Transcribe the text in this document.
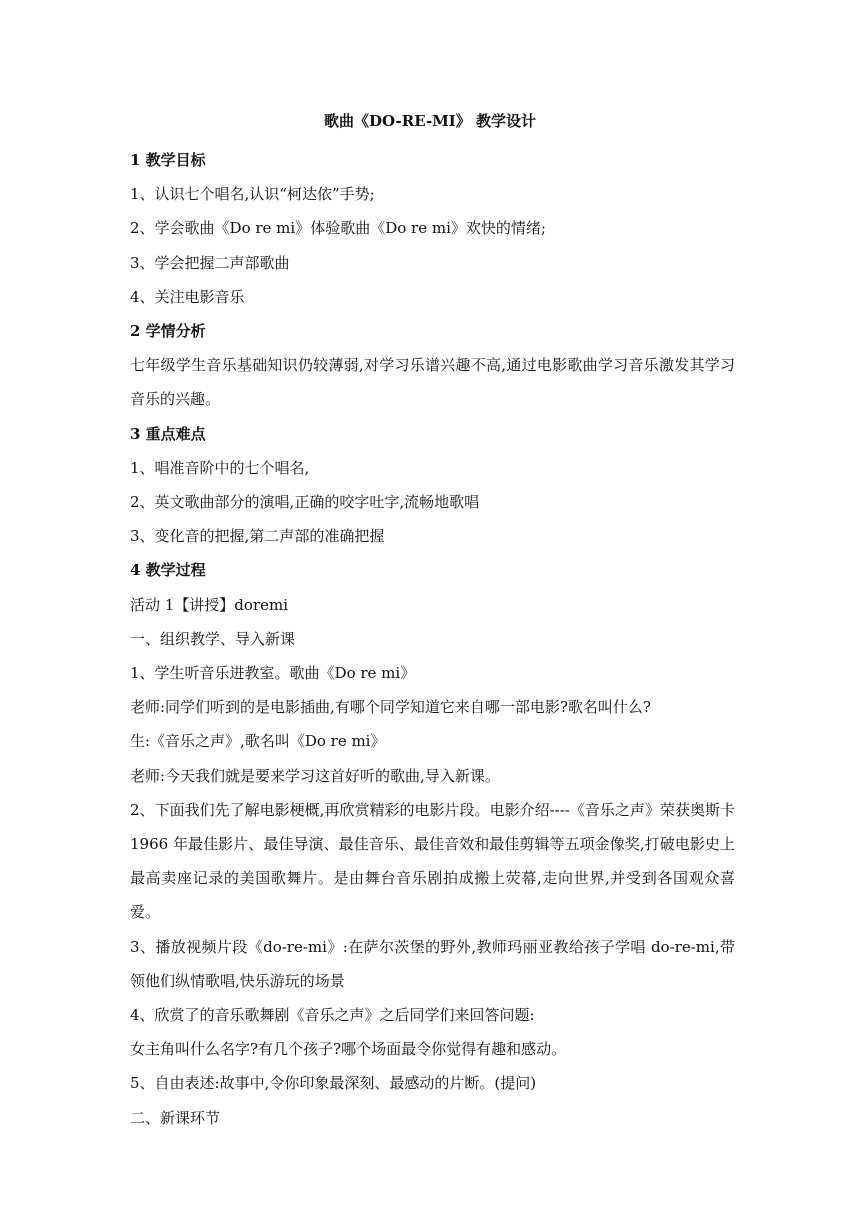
歌曲《DO-RE-MI》 教学设计
1 教学目标
1、认识七个唱名,认识“柯达依”手势;
2、学会歌曲《Do re mi》体验歌曲《Do re mi》欢快的情绪;
3、学会把握二声部歌曲
4、关注电影音乐
2 学情分析
七年级学生音乐基础知识仍较薄弱,对学习乐谱兴趣不高,通过电影歌曲学习音乐激发其学习音乐的兴趣。
3 重点难点
1、唱准音阶中的七个唱名,
2、英文歌曲部分的演唱,正确的咬字吐字,流畅地歌唱
3、变化音的把握,第二声部的准确把握
4 教学过程
活动 1【讲授】doremi
一、组织教学、导入新课
1、学生听音乐进教室。歌曲《Do re mi》
老师:同学们听到的是电影插曲,有哪个同学知道它来自哪一部电影?歌名叫什么?
生:《音乐之声》,歌名叫《Do re mi》
老师:今天我们就是要来学习这首好听的歌曲,导入新课。
2、下面我们先了解电影梗概,再欣赏精彩的电影片段。电影介绍----《音乐之声》荣获奥斯卡 1966 年最佳影片、最佳导演、最佳音乐、最佳音效和最佳剪辑等五项金像奖,打破电影史上最高卖座记录的美国歌舞片。是由舞台音乐剧拍成搬上荧幕,走向世界,并受到各国观众喜爱。
3、播放视频片段《do-re-mi》:在萨尔茨堡的野外,教师玛丽亚教给孩子学唱 do-re-mi,带领他们纵情歌唱,快乐游玩的场景
4、欣赏了的音乐歌舞剧《音乐之声》之后同学们来回答问题:
女主角叫什么名字?有几个孩子?哪个场面最令你觉得有趣和感动。
5、自由表述:故事中,令你印象最深刻、最感动的片断。(提问)
二、新课环节
